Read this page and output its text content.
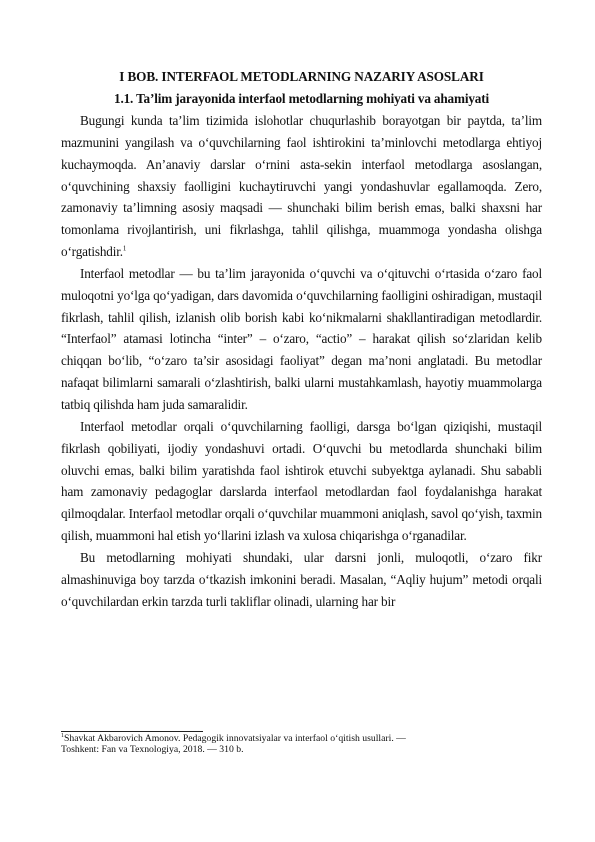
I BOB. INTERFAOL METODLARNING NAZARIY ASOSLARI
1.1. Ta’lim jarayonida interfaol metodlarning mohiyati va ahamiyati

Bugungi kunda ta’lim tizimida islohotlar chuqurlashib borayotgan bir paytda, ta’lim mazmunini yangilash va o‘quvchilarning faol ishtirokini ta’minlovchi metodlarga ehtiyoj kuchaymoqda. An’anaviy darslar o‘rnini asta-sekin interfaol metodlarga asoslangan, o‘quvchining shaxsiy faolligini kuchaytiruvchi yangi yondashuvlar egallamoqda. Zero, zamonaviy ta’limning asosiy maqsadi — shunchaki bilim berish emas, balki shaxsni har tomonlama rivojlantirish, uni fikrlashga, tahlil qilishga, muammoga yondasha olishga o‘rgatishdir.$^1$

Interfaol metodlar — bu ta’lim jarayonida o‘quvchi va o‘qituvchi o‘rtasida o‘zaro faol muloqotni yo‘lga qo‘yadigan, dars davomida o‘quvchilarning faolligini oshiradigan, mustaqil fikrlash, tahlil qilish, izlanish olib borish kabi ko‘nikmalarni shakllantiradigan metodlardir. “Interfaol” atamasi lotincha “inter” – o‘zaro, “actio” – harakat qilish so‘zlaridan kelib chiqqan bo‘lib, “o‘zaro ta’sir asosidagi faoliyat” degan ma’noni anglatadi. Bu metodlar nafaqat bilimlarni samarali o‘zlashtirish, balki ularni mustahkamlash, hayotiy muammolarga tatbiq qilishda ham juda samaralidir.

Interfaol metodlar orqali o‘quvchilarning faolligi, darsga bo‘lgan qiziqishi, mustaqil fikrlash qobiliyati, ijodiy yondashuvi ortadi. O‘quvchi bu metodlarda shunchaki bilim oluvchi emas, balki bilim yaratishda faol ishtirok etuvchi subyektga aylanadi. Shu sababli ham zamonaviy pedagoglar darslarda interfaol metodlardan faol foydalanishga harakat qilmoqdalar. Interfaol metodlar orqali o‘quvchilar muammoni aniqlash, savol qo‘yish, taxmin qilish, muammoni hal etish yo‘llarini izlash va xulosa chiqarishga o‘rganadilar.

Bu metodlarning mohiyati shundaki, ular darsni jonli, muloqotli, o‘zaro fikr almashinuviga boy tarzda o‘tkazish imkonini beradi. Masalan, “Aqliy hujum” metodi orqali o‘quvchilardan erkin tarzda turli takliflar olinadi, ularning har bir

$^1$Shavkat Akbarovich Amonov. Pedagogik innovatsiyalar va interfaol o‘qitish usullari. —
Toshkent: Fan va Texnologiya, 2018. — 310 b.
